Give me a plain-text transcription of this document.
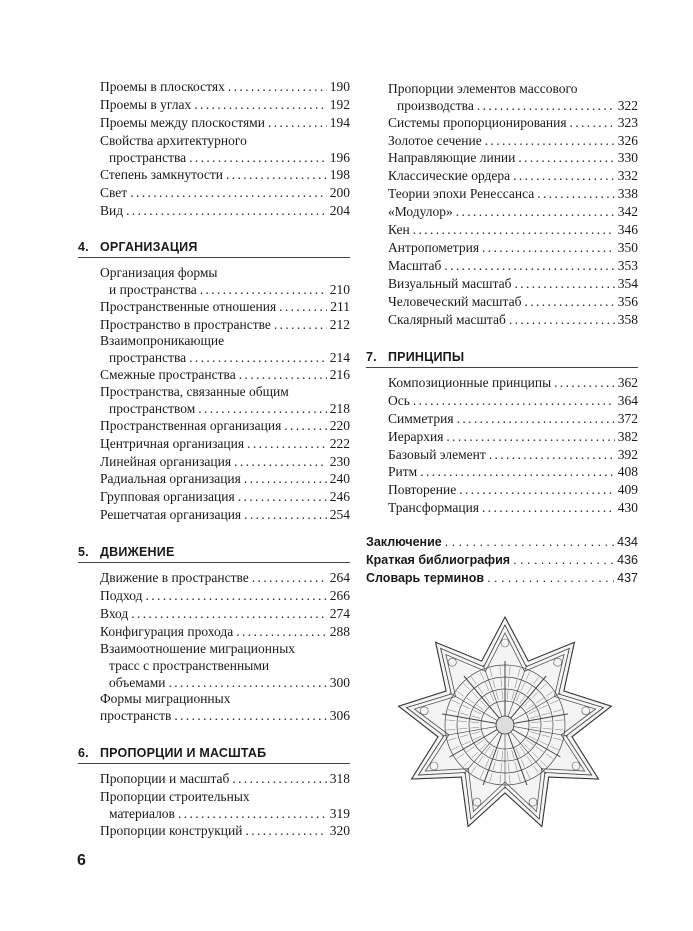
Проемы в плоскостях . . .	190
Проемы в углах . . .	192
Проемы между плоскостями . . .	194
Свойства архитектурного
пространства . . .	196
Степень замкнутости . . .	198
Свет . . .	200
Вид . . .	204
4. ОРГАНИЗАЦИЯ
Организация формы
и пространства . . .	210
Пространственные отношения . . .	211
Пространство в пространстве . . .	212
Взаимопроникающие
пространства . . .	214
Смежные пространства . . .	216
Пространства, связанные общим
пространством . . .	218
Пространственная организация . . .	220
Центричная организация . . .	222
Линейная организация . . .	230
Радиальная организация . . .	240
Групповая организация . . .	246
Решетчатая организация . . .	254
5. ДВИЖЕНИЕ
Движение в пространстве . . .	264
Подход . . .	266
Вход . . .	274
Конфигурация прохода . . .	288
Взаимоотношение миграционных
трасс с пространственными
объемами . . .	300
Формы миграционных
пространств . . .	306
6. ПРОПОРЦИИ И МАСШТАБ
Пропорции и масштаб . . .	318
Пропорции строительных
материалов . . .	319
Пропорции конструкций . . .	320
Пропорции элементов массового
производства . . .	322
Системы пропорционирования . . .	323
Золотое сечение . . .	326
Направляющие линии . . .	330
Классические ордера . . .	332
Теории эпохи Ренессанса . . .	338
«Модулор» . . .	342
Кен . . .	346
Антропометрия . . .	350
Масштаб . . .	353
Визуальный масштаб . . .	354
Человеческий масштаб . . .	356
Скалярный масштаб . . .	358
7. ПРИНЦИПЫ
Композиционные принципы . . .	362
Ось . . .	364
Симметрия . . .	372
Иерархия . . .	382
Базовый элемент . . .	392
Ритм . . .	408
Повторение . . .	409
Трансформация . . .	430
Заключение . . .	434
Краткая библиография . . .	436
Словарь терминов . . .	437
6
